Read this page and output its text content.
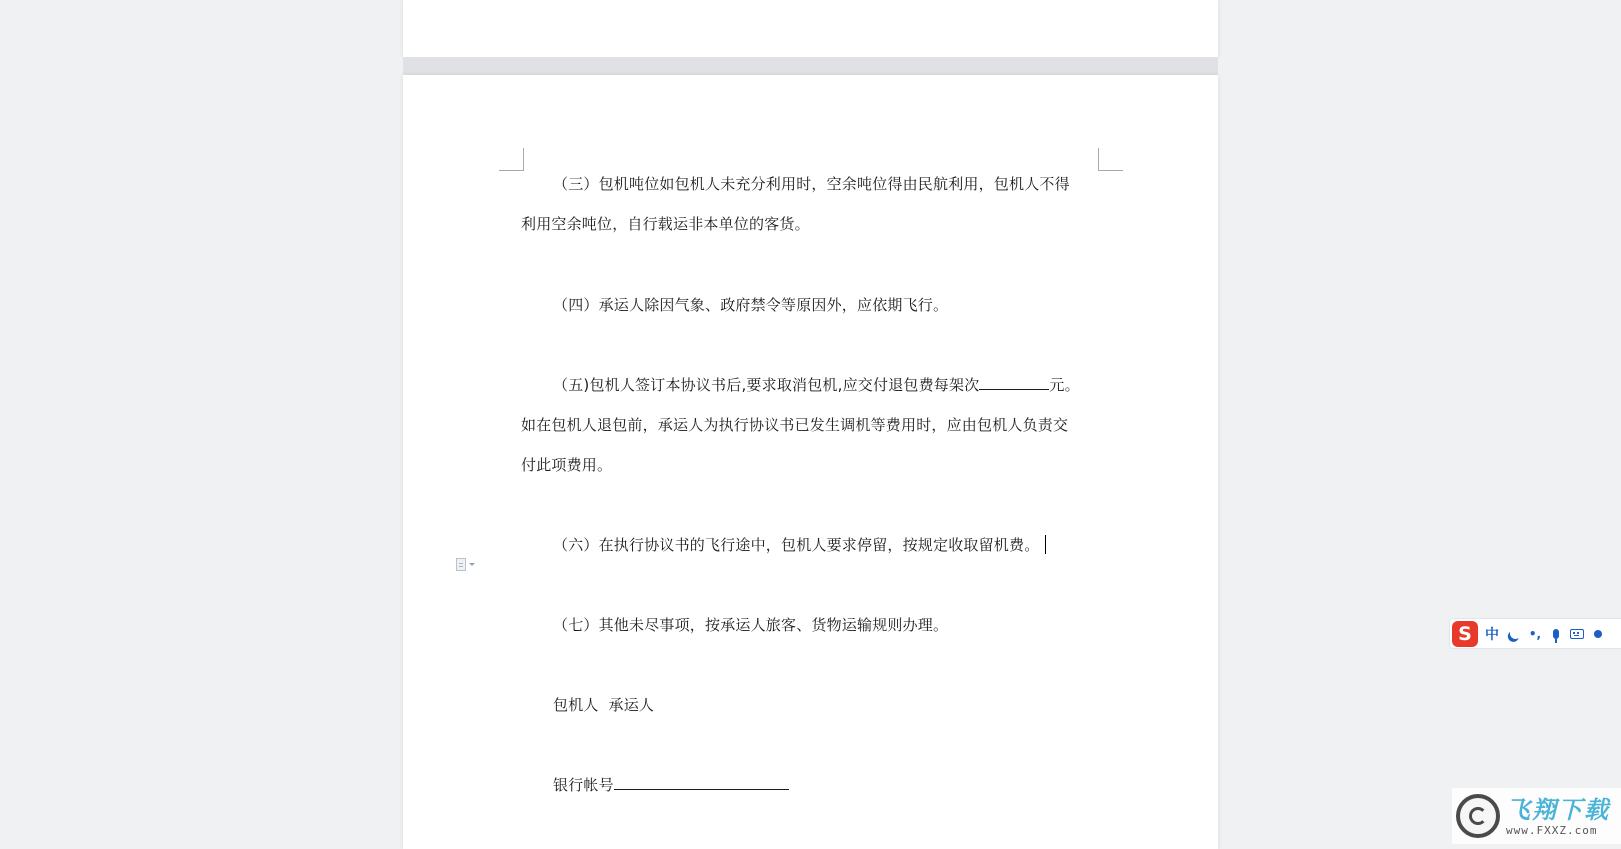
（三）包机吨位如包机人未充分利用时，空余吨位得由民航利用，包机人不得
利用空余吨位，自行载运非本单位的客货。
（四）承运人除因气象、政府禁令等原因外，应依期飞行。
（五)包机人签订本协议书后,要求取消包机,应交付退包费每架次	元。
如在包机人退包前，承运人为执行协议书已发生调机等费用时，应由包机人负责交
付此项费用。
（六）在执行协议书的飞行途中，包机人要求停留，按规定收取留机费。
（七）其他未尽事项，按承运人旅客、货物运输规则办理。
包机人  承运人
银行帐号
S 中 •,
飞翔下载
www.FXXZ.com
